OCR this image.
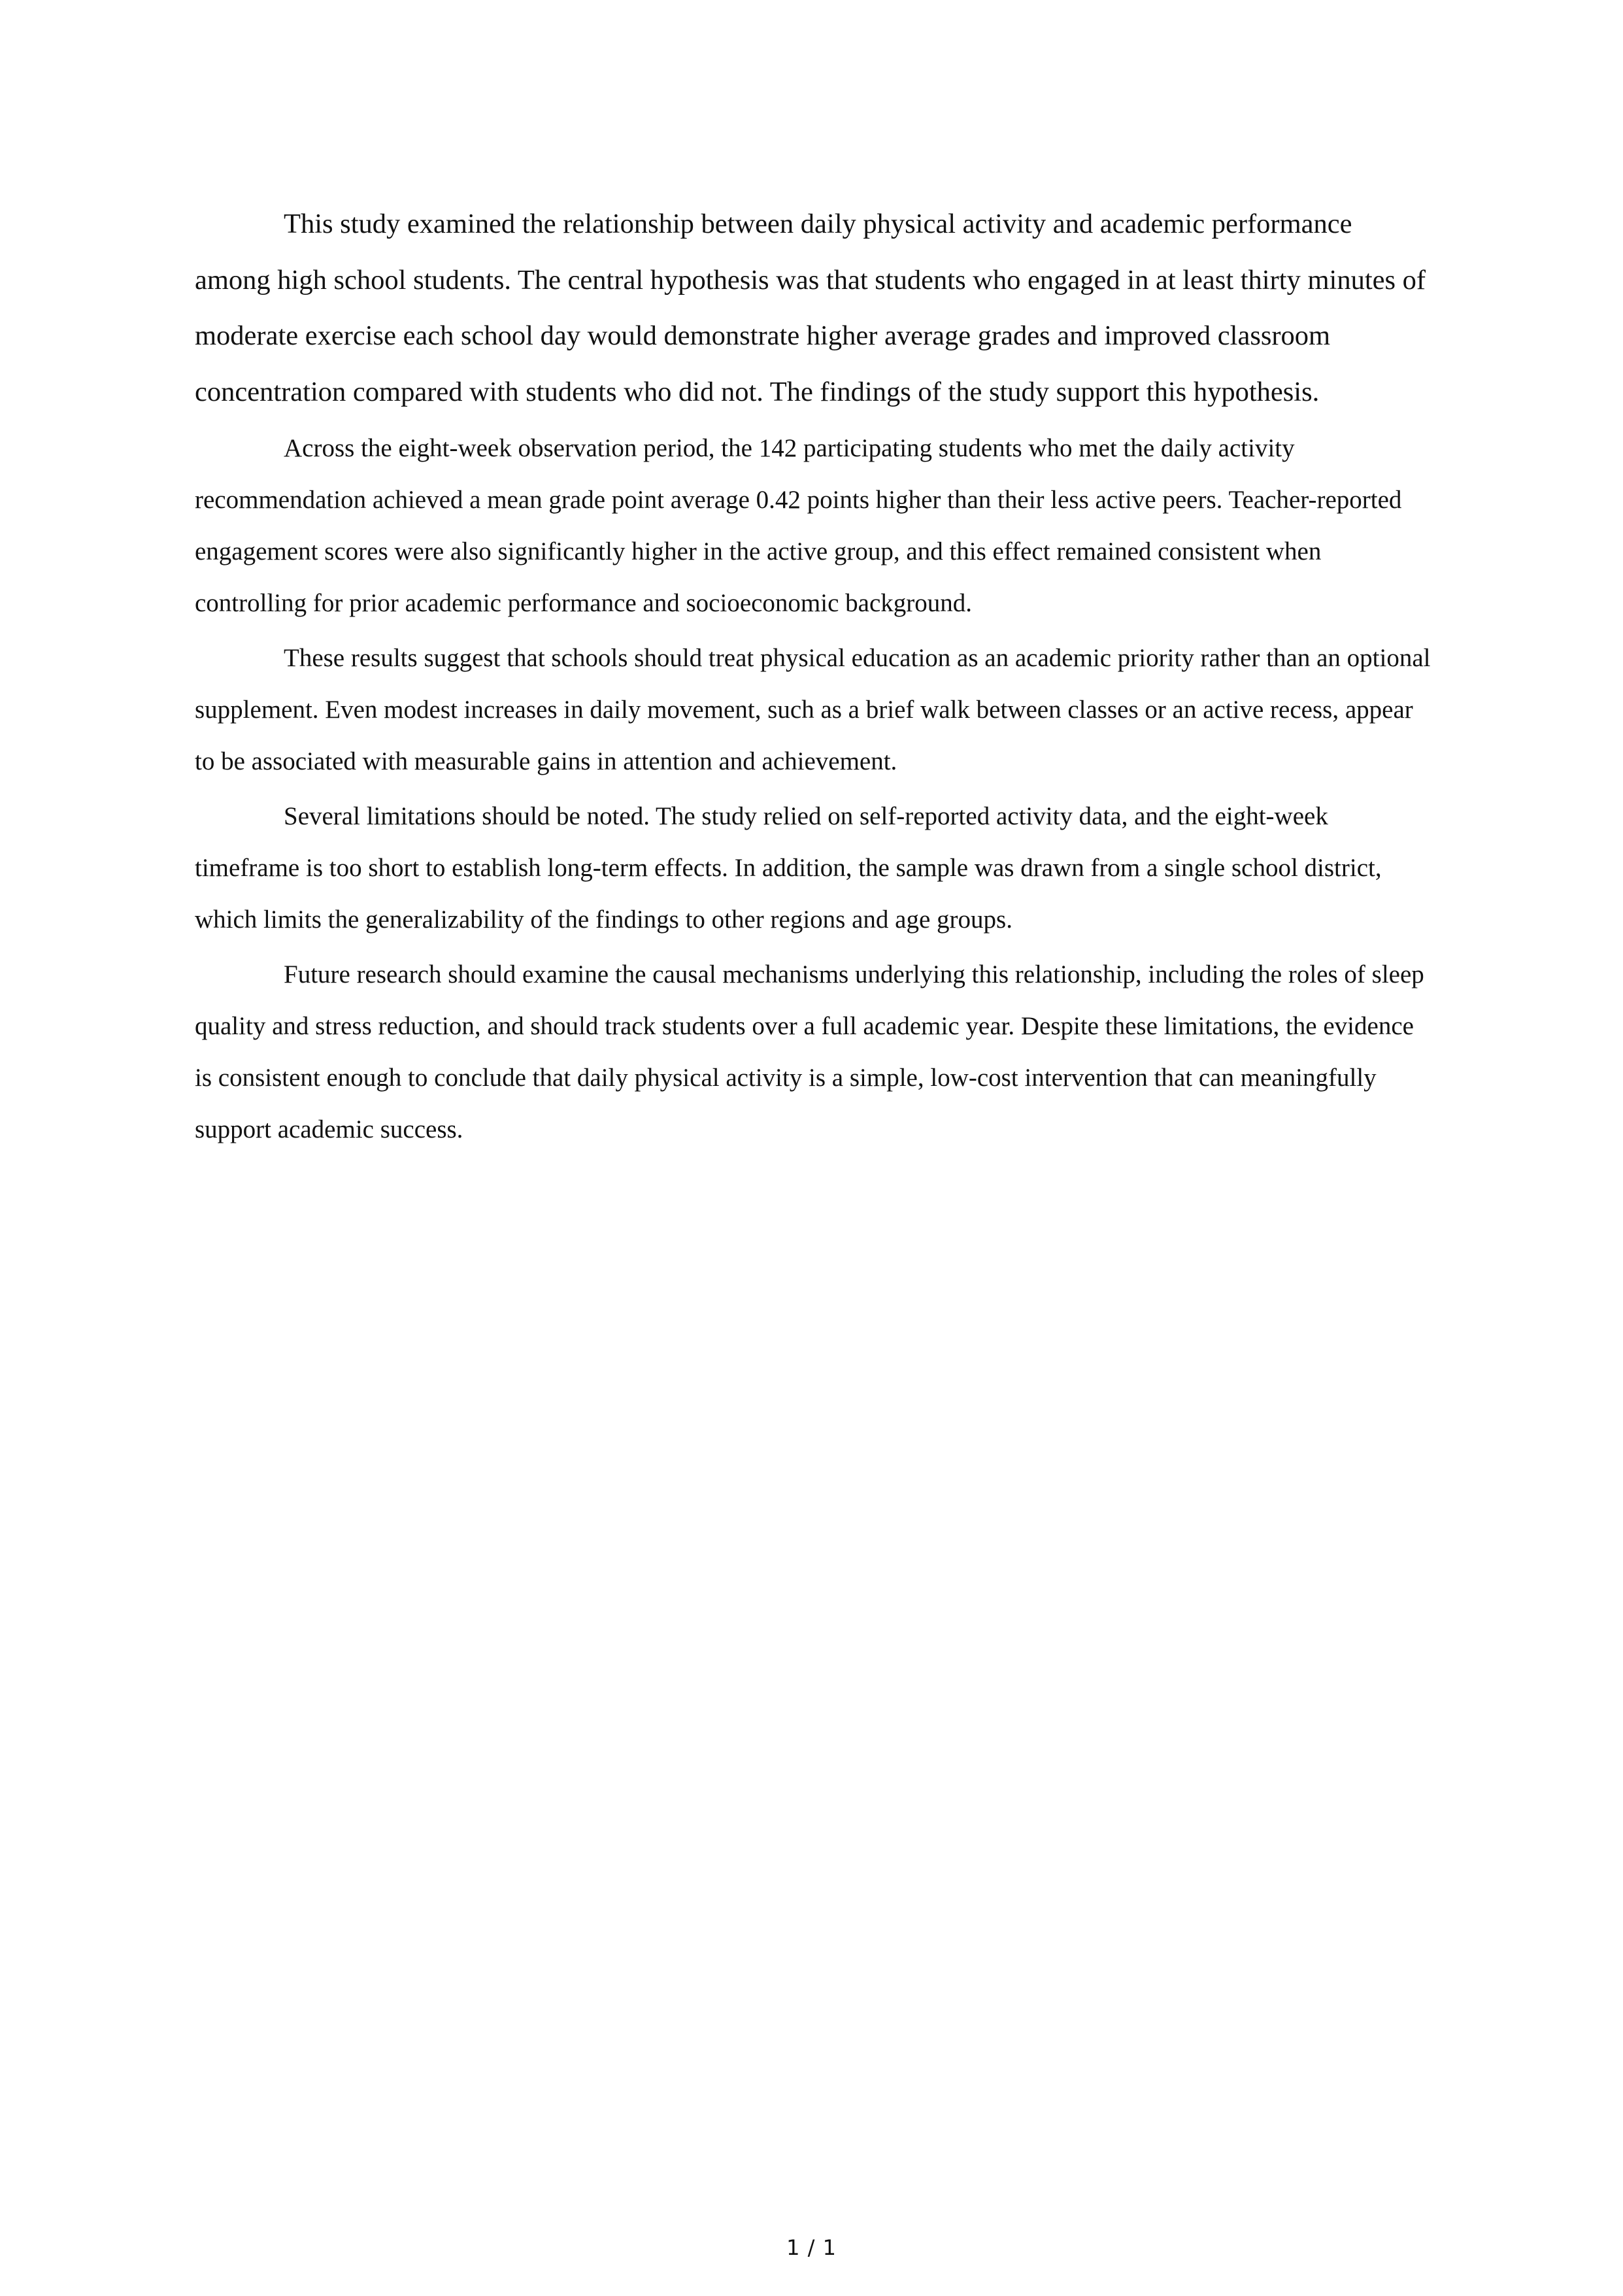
This study examined the relationship between daily physical activity and academic performance among high school students. The central hypothesis was that students who engaged in at least thirty minutes of moderate exercise each school day would demonstrate higher average grades and improved classroom concentration compared with students who did not. The findings of the study support this hypothesis.

Across the eight-week observation period, the 142 participating students who met the daily activity recommendation achieved a mean grade point average 0.42 points higher than their less active peers. Teacher-reported engagement scores were also significantly higher in the active group, and this effect remained consistent when controlling for prior academic performance and socioeconomic background.

These results suggest that schools should treat physical education as an academic priority rather than an optional supplement. Even modest increases in daily movement, such as a brief walk between classes or an active recess, appear to be associated with measurable gains in attention and achievement.

Several limitations should be noted. The study relied on self-reported activity data, and the eight-week timeframe is too short to establish long-term effects. In addition, the sample was drawn from a single school district, which limits the generalizability of the findings to other regions and age groups.

Future research should examine the causal mechanisms underlying this relationship, including the roles of sleep quality and stress reduction, and should track students over a full academic year. Despite these limitations, the evidence is consistent enough to conclude that daily physical activity is a simple, low-cost intervention that can meaningfully support academic success.

1 / 1
